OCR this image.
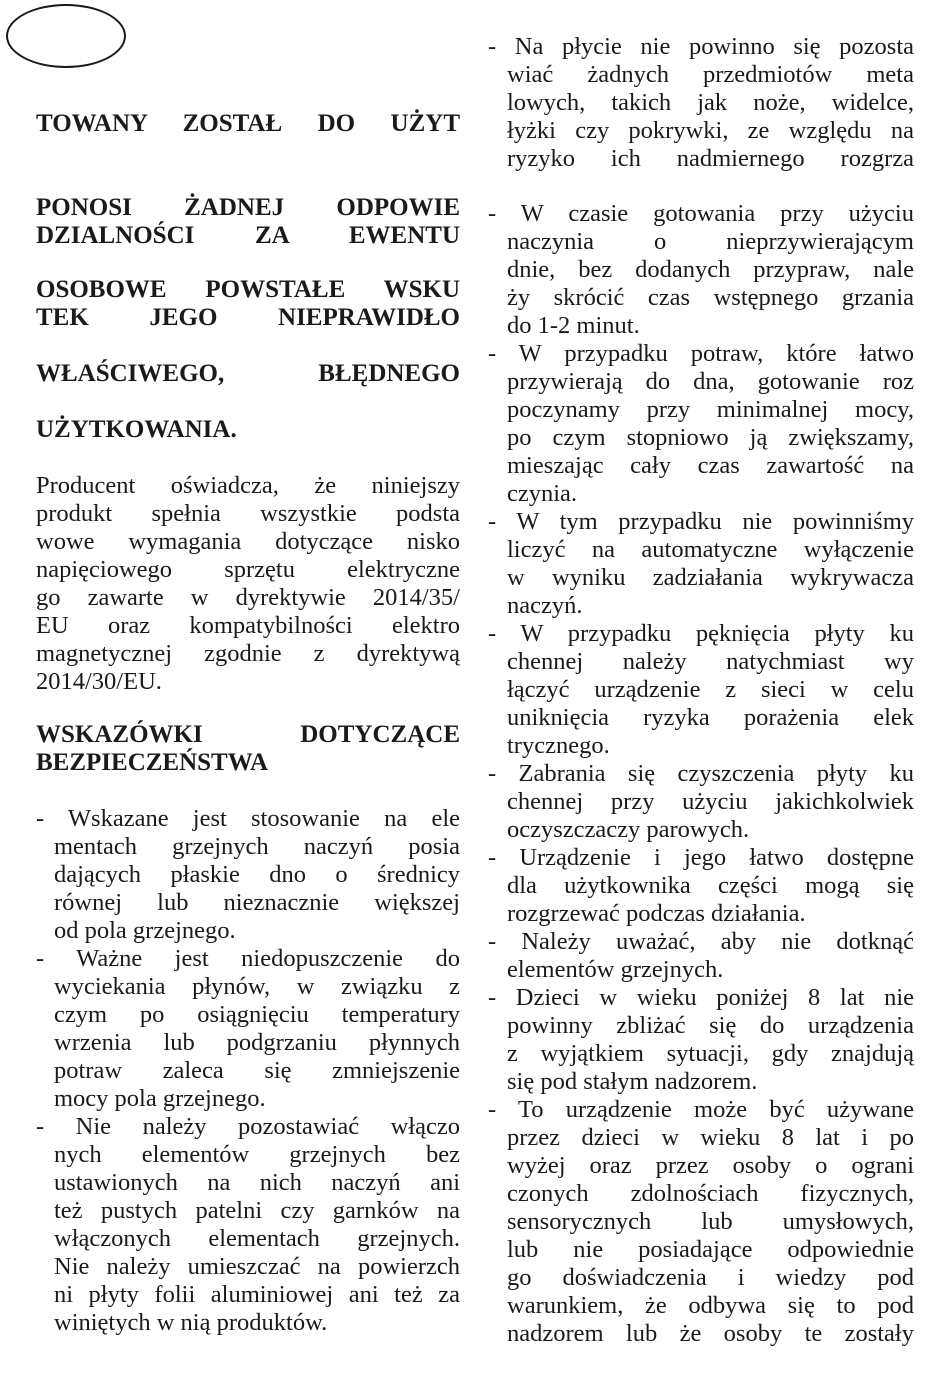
TOWANY ZOSTAŁ DO UŻYT
PONOSI ŻADNEJ ODPOWIE
DZIALNOŚCI ZA EWENTU
OSOBOWE POWSTAŁE WSKU
TEK JEGO NIEPRAWIDŁO
WŁAŚCIWEGO, BŁĘDNEGO
UŻYTKOWANIA.
Producent oświadcza, że niniejszy
produkt spełnia wszystkie podsta
wowe wymagania dotyczące nisko
napięciowego sprzętu elektryczne
go zawarte w dyrektywie 2014/35/
EU oraz kompatybilności elektro
magnetycznej zgodnie z dyrektywą
2014/30/EU.
WSKAZÓWKI DOTYCZĄCE
BEZPIECZEŃSTWA
- Wskazane jest stosowanie na ele
mentach grzejnych naczyń posia
dających płaskie dno o średnicy
równej lub nieznacznie większej
od pola grzejnego.
- Ważne jest niedopuszczenie do
wyciekania płynów, w związku z
czym po osiągnięciu temperatury
wrzenia lub podgrzaniu płynnych
potraw zaleca się zmniejszenie
mocy pola grzejnego.
- Nie należy pozostawiać włączo
nych elementów grzejnych bez
ustawionych na nich naczyń ani
też pustych patelni czy garnków na
włączonych elementach grzejnych.
Nie należy umieszczać na powierzch
ni płyty folii aluminiowej ani też za
winiętych w nią produktów.
- Na płycie nie powinno się pozosta
wiać żadnych przedmiotów meta
lowych, takich jak noże, widelce,
łyżki czy pokrywki, ze względu na
ryzyko ich nadmiernego rozgrza
- W czasie gotowania przy użyciu
naczynia o nieprzywierającym
dnie, bez dodanych przypraw, nale
ży skrócić czas wstępnego grzania
do 1-2 minut.
- W przypadku potraw, które łatwo
przywierają do dna, gotowanie roz
poczynamy przy minimalnej mocy,
po czym stopniowo ją zwiększamy,
mieszając cały czas zawartość na
czynia.
- W tym przypadku nie powinniśmy
liczyć na automatyczne wyłączenie
w wyniku zadziałania wykrywacza
naczyń.
- W przypadku pęknięcia płyty ku
chennej należy natychmiast wy
łączyć urządzenie z sieci w celu
uniknięcia ryzyka porażenia elek
trycznego.
- Zabrania się czyszczenia płyty ku
chennej przy użyciu jakichkolwiek
oczyszczaczy parowych.
- Urządzenie i jego łatwo dostępne
dla użytkownika części mogą się
rozgrzewać podczas działania.
- Należy uważać, aby nie dotknąć
elementów grzejnych.
- Dzieci w wieku poniżej 8 lat nie
powinny zbliżać się do urządzenia
z wyjątkiem sytuacji, gdy znajdują
się pod stałym nadzorem.
- To urządzenie może być używane
przez dzieci w wieku 8 lat i po
wyżej oraz przez osoby o ograni
czonych zdolnościach fizycznych,
sensorycznych lub umysłowych,
lub nie posiadające odpowiednie
go doświadczenia i wiedzy pod
warunkiem, że odbywa się to pod
nadzorem lub że osoby te zostały
